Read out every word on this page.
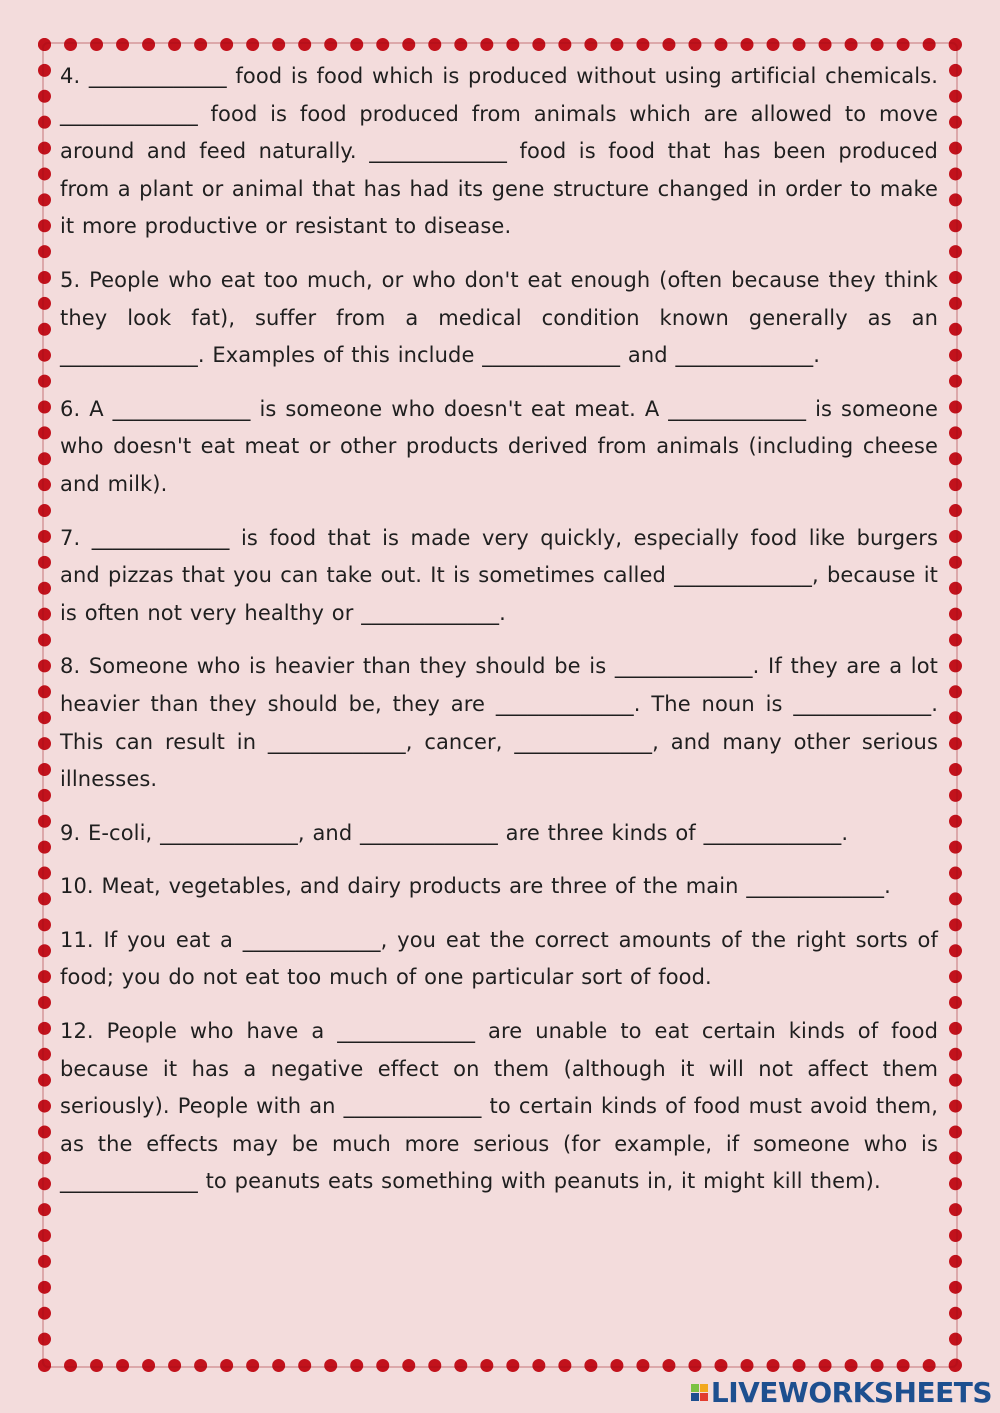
4. _____________ food is food which is produced without using artificial chemicals. _____________ food is food produced from animals which are allowed to move around and feed naturally. _____________ food is food that has been produced from a plant or animal that has had its gene structure changed in order to make it more productive or resistant to disease.

5. People who eat too much, or who don't eat enough (often because they think they look fat), suffer from a medical condition known generally as an _____________. Examples of this include _____________ and _____________.

6. A _____________ is someone who doesn't eat meat. A _____________ is someone who doesn't eat meat or other products derived from animals (including cheese and milk).

7. _____________ is food that is made very quickly, especially food like burgers and pizzas that you can take out. It is sometimes called _____________, because it is often not very healthy or _____________.

8. Someone who is heavier than they should be is _____________. If they are a lot heavier than they should be, they are _____________. The noun is _____________. This can result in _____________, cancer, _____________, and many other serious illnesses.

9. E-coli, _____________, and _____________ are three kinds of _____________.

10. Meat, vegetables, and dairy products are three of the main _____________.

11. If you eat a _____________, you eat the correct amounts of the right sorts of food; you do not eat too much of one particular sort of food.

12. People who have a _____________ are unable to eat certain kinds of food because it has a negative effect on them (although it will not affect them seriously). People with an _____________ to certain kinds of food must avoid them, as the effects may be much more serious (for example, if someone who is _____________ to peanuts eats something with peanuts in, it might kill them).

LIVEWORKSHEETS
